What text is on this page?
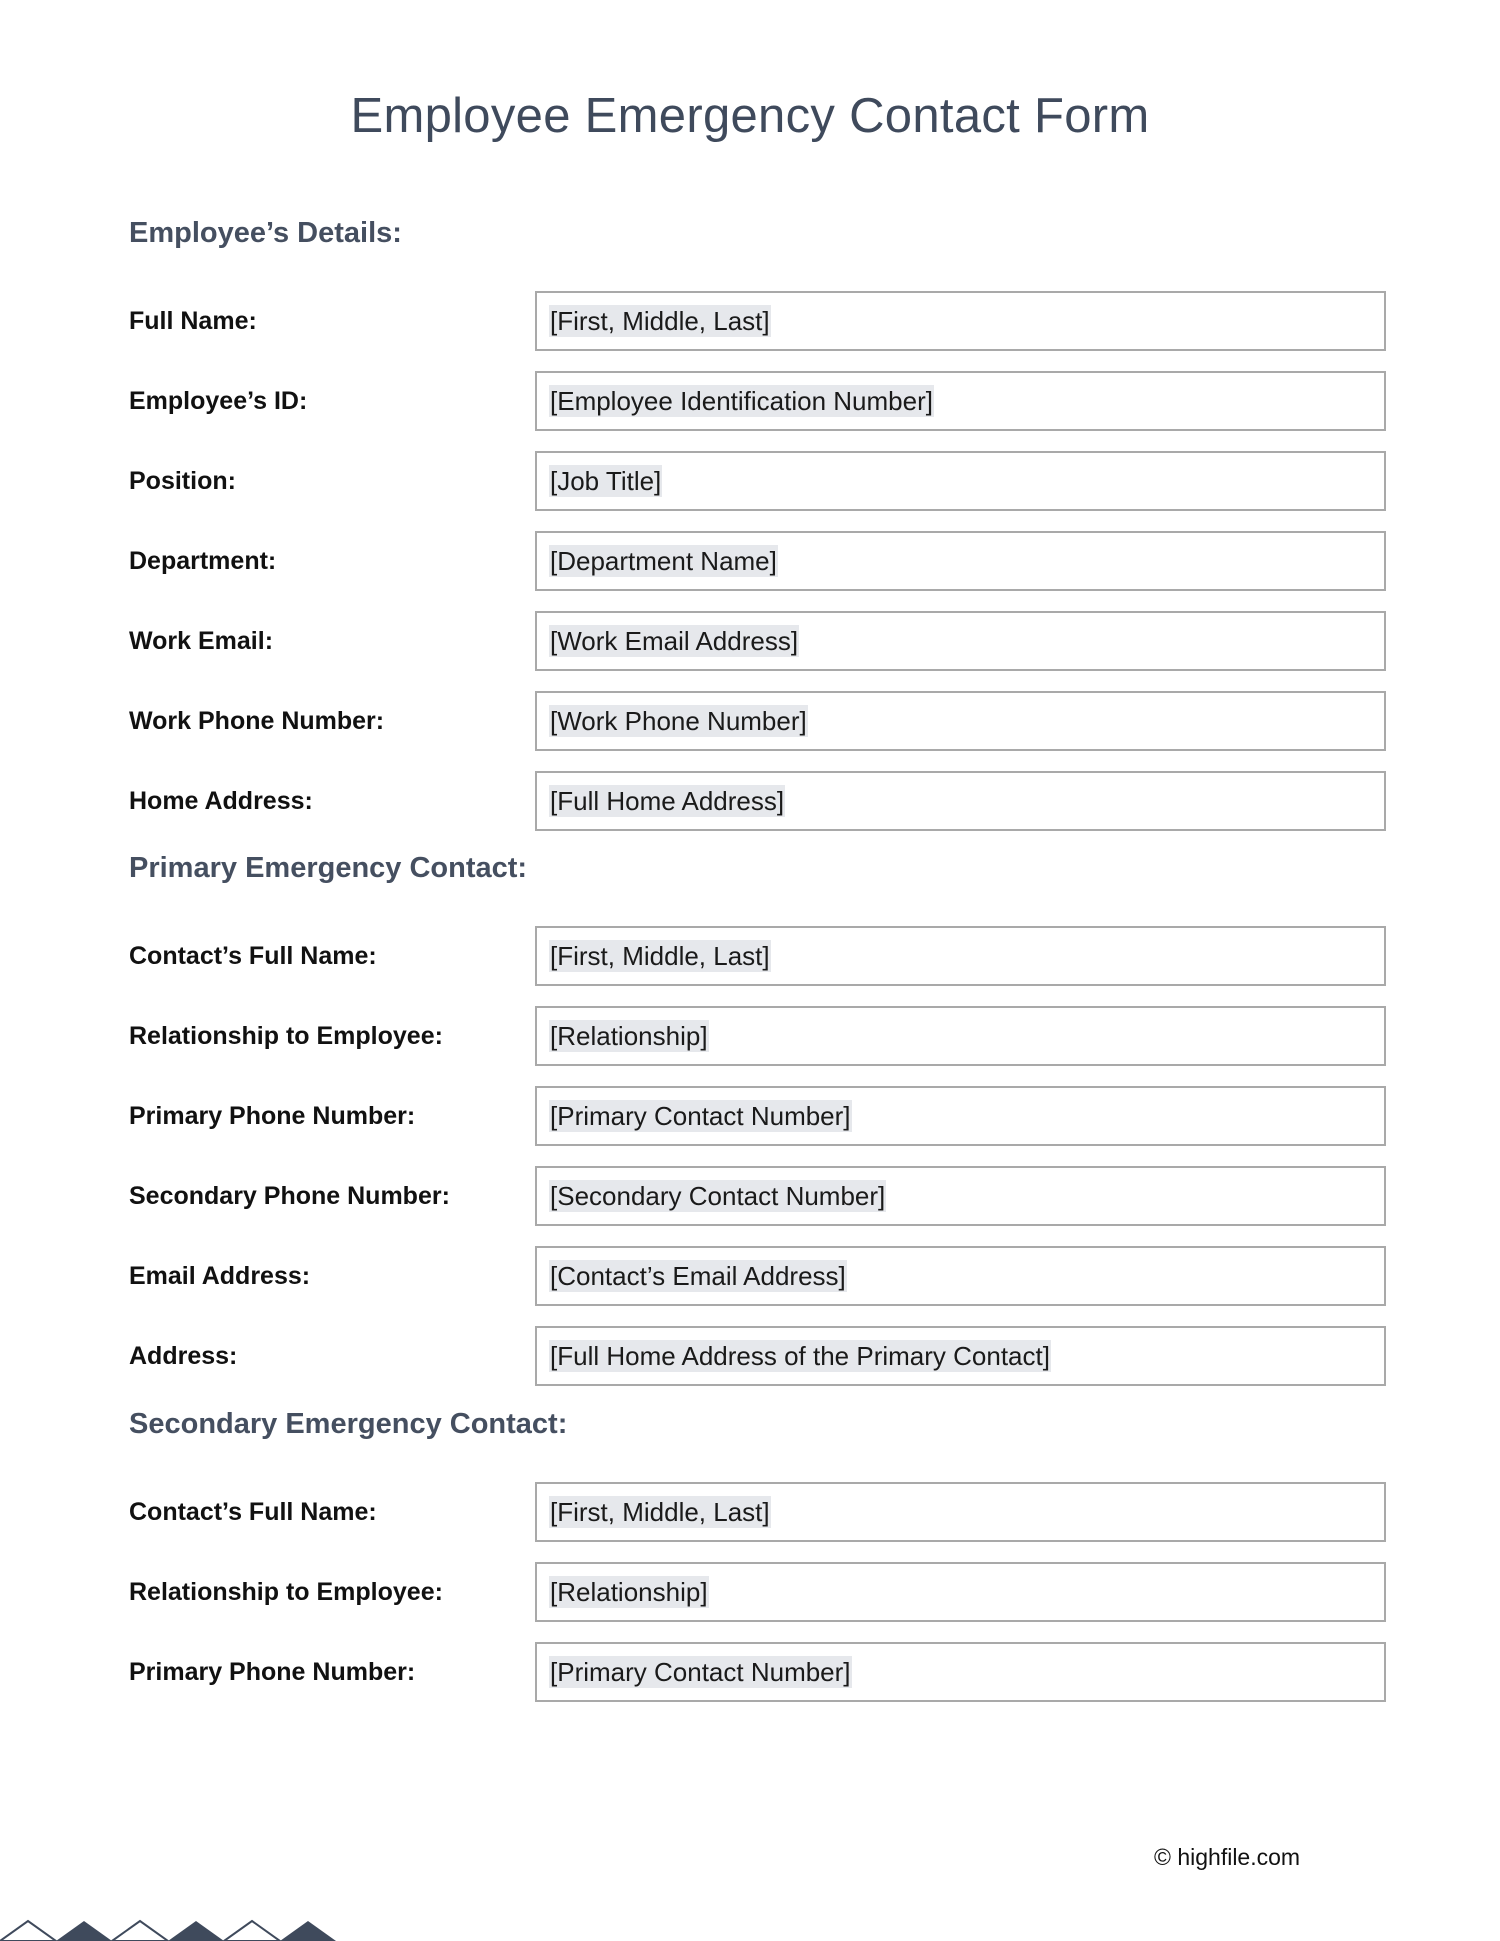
Employee Emergency Contact Form
Employee’s Details:
Full Name:	[First, Middle, Last]
Employee’s ID:	[Employee Identification Number]
Position:	[Job Title]
Department:	[Department Name]
Work Email:	[Work Email Address]
Work Phone Number:	[Work Phone Number]
Home Address:	[Full Home Address]
Primary Emergency Contact:
Contact’s Full Name:	[First, Middle, Last]
Relationship to Employee:	[Relationship]
Primary Phone Number:	[Primary Contact Number]
Secondary Phone Number:	[Secondary Contact Number]
Email Address:	[Contact’s Email Address]
Address:	[Full Home Address of the Primary Contact]
Secondary Emergency Contact:
Contact’s Full Name:	[First, Middle, Last]
Relationship to Employee:	[Relationship]
Primary Phone Number:	[Primary Contact Number]
© highfile.com
